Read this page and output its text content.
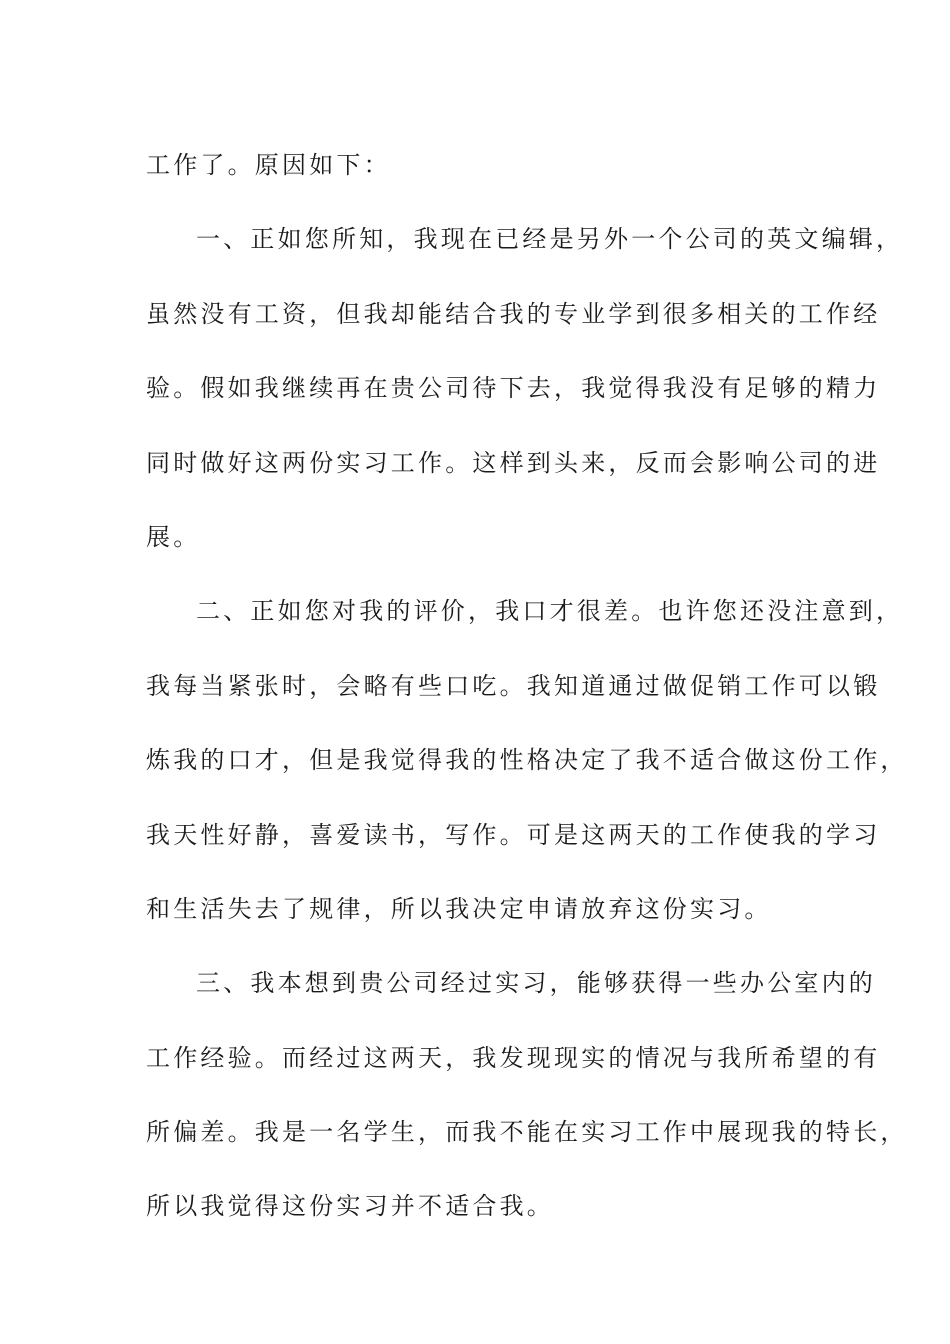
工作了。原因如下：
一、正如您所知，我现在已经是另外一个公司的英文编辑，
虽然没有工资，但我却能结合我的专业学到很多相关的工作经
验。假如我继续再在贵公司待下去，我觉得我没有足够的精力
同时做好这两份实习工作。这样到头来，反而会影响公司的进
展。
二、正如您对我的评价，我口才很差。也许您还没注意到，
我每当紧张时，会略有些口吃。我知道通过做促销工作可以锻
炼我的口才，但是我觉得我的性格决定了我不适合做这份工作，
我天性好静，喜爱读书，写作。可是这两天的工作使我的学习
和生活失去了规律，所以我决定申请放弃这份实习。
三、我本想到贵公司经过实习，能够获得一些办公室内的
工作经验。而经过这两天，我发现现实的情况与我所希望的有
所偏差。我是一名学生，而我不能在实习工作中展现我的特长，
所以我觉得这份实习并不适合我。
